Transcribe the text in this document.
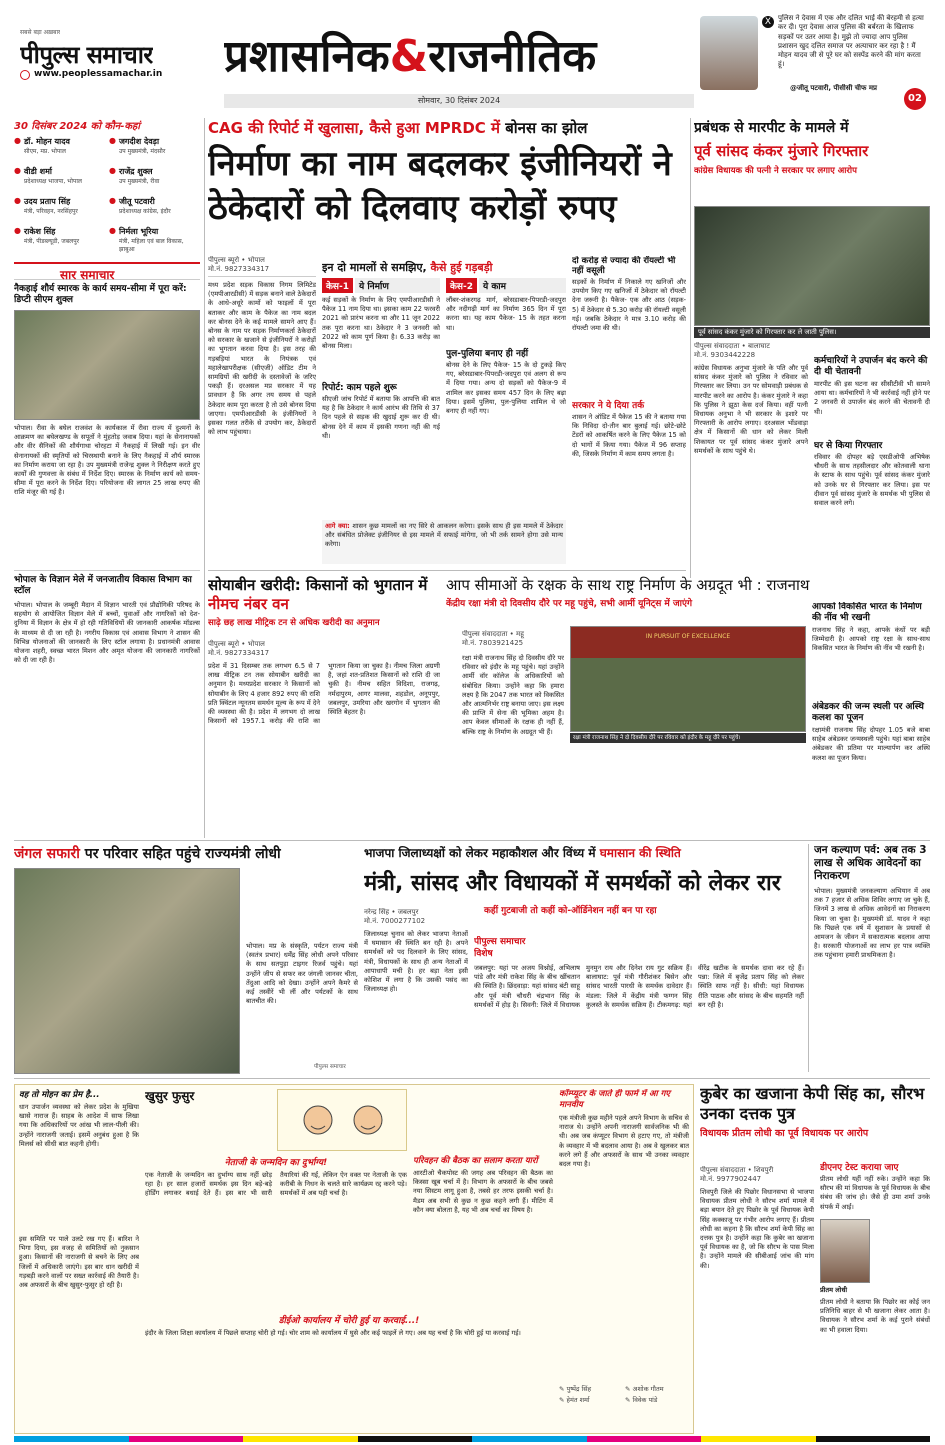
सबसे बड़ा अख़बार
पीपुल्स समाचार
www.peoplessamachar.in प्रशासनिक&राजनीतिक
सोमवार, 30 दिसंबर 2024
X पुलिस ने देवास में एक और दलित भाई की बेरहमी से हत्या कर दी। पूरा देवास आज पुलिस की बर्बरता के खिलाफ सड़कों पर उतर आया है। मुझे तो ज्यादा आप पुलिस प्रशासन खुद दलित समाज पर अत्याचार कर रहा है ! मैं मोहन यादव जी से पूरे घर को सस्पेंड करने की मांग करता हूं।
@जीतू पटवारी, पीसीसी चीफ मप्र
02
30 दिसंबर 2024 को कौन-कहां
● डॉ. मोहन यादव
सीएम, मप्र. भोपाल
● जगदीश देवड़ा
उप मुख्यमंत्री, मंदसौर
● वीडी शर्मा
प्रदेशाध्यक्ष भाजपा, भोपाल
● राजेंद्र शुक्ल
उप मुख्यमंत्री, रीवा
● उदय प्रताप सिंह
मंत्री, परिवहन, नरसिंहपुर
● जीतू पटवारी
प्रदेशाध्यक्ष कांग्रेस, इंदौर
● राकेश सिंह
मंत्री, पीडब्ल्यूडी, जबलपुर
● निर्मला भूरिया
मंत्री, महिला एवं बाल विकास, झाबुआ
सार समाचार
नैकहाई शौर्य स्मारक के कार्य समय-सीमा में पूरा करें: डिप्टी सीएम शुक्ल
भोपाल। रीवा के बघेल राजवंश के कार्यकाल में रीवा राज्य में दुश्मनों के आक्रमण का बघेलखण्ड के सपूतों ने मुंहतोड़ जवाब दिया। यहां के सेनानायकों और वीर सैनिकों की शौर्यगाथा चोरहटा में नैकहाई में लिखी गई। इन वीर सेनानायकों की स्मृतियों को चिरस्थायी बनाने के लिए नैकहाई में शौर्य स्मारक का निर्माण कराया जा रहा है। उप मुख्यमंत्री राजेन्द्र शुक्ल ने निरीक्षण करते हुए कार्यों की गुणवत्ता के संबंध में निर्देश दिए। स्मारक के निर्माण कार्य को समय-सीमा में पूरा करने के निर्देश दिए। परियोजना की लागत 25 लाख रुपए की राशि मंजूर की गई है।
भोपाल के विज्ञान मेले में जनजातीय विकास विभाग का स्टॉल
भोपाल। भोपाल के जम्बूरी मैदान में विज्ञान भारती एवं प्रौद्योगिकी परिषद के सहयोग से आयोजित विज्ञान मेले में बच्चों, युवाओं और नागरिकों को देश-दुनिया में विज्ञान के क्षेत्र में हो रही गतिविधियों की जानकारी आकर्षक मॉडल्स के माध्यम से दी जा रही है। नगरीय विकास एवं आवास विभाग ने शासन की विभिन्न योजनाओं की जानकारी के लिए स्टॉल लगाया है। प्रधानमंत्री आवास योजना शहरी, स्वच्छ भारत मिशन और अमृत योजना की जानकारी नागरिकों को दी जा रही है।
CAG की रिपोर्ट में खुलासा, कैसे हुआ MPRDC में बोनस का झोल
निर्माण का नाम बदलकर इंजीनियरों ने ठेकेदारों को दिलवाए करोड़ों रुपए
पीपुल्स ब्यूरो • भोपाल
मो.नं. 9827334317
मध्य प्रदेश सड़क विकास निगम लिमिटेड (एमपीआरडीसी) में सड़क बनाने वाले ठेकेदारों के आधे-अधूरे कामों को फाइलों में पूरा बताकर और काम के पैकेज का नाम बदल कर बोनस देने के कई मामले सामने आए हैं। बोनस के नाम पर सड़क निर्माणकर्ता ठेकेदारों को सरकार के खजाने से इंजीनियरों ने करोड़ों का भुगतान करवा दिया है। इस तरह की गड़बड़ियां भारत के नियंत्रक एवं महालेखापरीक्षक (सीएजी) ऑडिट टीम ने सामग्रियों की खरीदी के दस्तावेजों के जरिए पकड़ी हैं। दरअसल मप्र सरकार में यह प्रावधान है कि अगर तय समय से पहले ठेकेदार काम पूरा करता है तो उसे बोनस दिया जाएगा। एमपीआरडीसी के इंजीनियरों ने इसका गलत तरीके से उपयोग कर, ठेकेदारों को लाभ पहुंचाया।
इन दो मामलों से समझिए, कैसे हुई गड़बड़ी
केस-1	ये निर्माण
कई सड़कों के निर्माण के लिए एमपीआरडीसी ने पैकेज 11 नाम दिया था। इसका काम 22 फरवरी 2021 को प्रारंभ करना था और 11 जून 2022 तक पूरा करना था। ठेकेदार ने 3 जनवरी को 2022 को काम पूर्ण किया है। 6.33 करोड़ का बोनस मिला।
रिपोर्ट: काम पहले शुरू
सीएजी जांच रिपोर्ट में बताया कि आपत्ति की बात यह है कि ठेकेदार ने कार्य आरंभ की तिथि से 37 दिन पहले से सड़क की खुदाई शुरू कर दी थी। बोनस देने में काम में इसकी गणना नहीं की गई थी।
केस-2	ये काम
लौंबर-शंकरगढ़ मार्ग, बरेसडाबार-पिपरडी-जदपुरा और नदीगढ़ी मार्ग का निर्माण 365 दिन में पूरा करना था। यह काम पैकेज- 15 के तहत करना था।
पुल-पुलिया बनाए ही नहीं
बोनस देने के लिए पैकेज- 15 के दो टुकड़े किए गए, बरेसडाबार-पिपरडी-जदपुरा एवं अलग से रूप में दिया गया। अन्य दो सड़कों को पैकेज-9 में शामिल कर इसका समय 457 दिन के लिए बढ़ा दिया। इसमें पुलिया, पुल-पुलिया शामिल थे जो बनाए ही नहीं गए।
आगे क्या: शासन कुछ मामलों का नए सिरे से आकलन करेगा। इसके साथ ही इस मामले में ठेकेदार और संबंधित प्रोजेक्ट इंजीनियर से इस मामले में सफाई मांगेगा, जो भी तर्क सामने होगा उसे मान्य करेगा।
दो करोड़ से ज्यादा की रॉयल्टी भी नहीं वसूली
सड़कों के निर्माण में निकाले गए खनिजों और उपयोग किए गए खनिजों में ठेकेदार को रॉयल्टी देना जरूरी है। पैकेज- एक और आठ (सड़क- 5) में ठेकेदार से 5.30 करोड़ की रॉयल्टी वसूली गई। जबकि ठेकेदार ने मात्र 3.10 करोड़ की रॉयल्टी जमा की थी।
सरकार ने ये दिया तर्क
शासन ने ऑडिट में पैकेज 15 की ने बताया गया कि निविदा दो-तीन बार बुलाई गई। छोटे-छोटे टेंडरों को आकर्षित करने के लिए पैकेज 15 को दो भागों में किया गया। पैकेज में 96 सप्ताह की, जिसके निर्माण में काम समय लगता है।
प्रबंधक से मारपीट के मामले में
पूर्व सांसद कंकर मुंजारे गिरफ्तार
कांग्रेस विधायक की पत्नी ने सरकार पर लगाए आरोप
पूर्व सांसद कंकर मुंजारे को गिरफ्तार कर ले जाती पुलिस।
पीपुल्स संवाददाता • बालाघाट
मो.नं. 9303442228
कांग्रेस विधायक अनुभा मुंजारे के पति और पूर्व सांसद कंकर मुंजारे को पुलिस ने रविवार को गिरफ्तार कर लिया। उन पर सोमवाड़ी प्रबंधक से मारपीट करने का आरोप है। कंकर मुंजारे ने कहा कि पुलिस ने झूठा केस दर्ज किया। वहीं पत्नी विधायक अनुभा ने भी सरकार के इशारे पर गिरफ्तारी के आरोप लगाए। दरअसल भोंडवाड़ा क्षेत्र में किसानों की धान को लेकर मिली शिकायत पर पूर्व सांसद कंकर मुंजारे अपने समर्थकों के साथ पहुंचे थे।
कर्मचारियों ने उपार्जन बंद करने की दी थी चेतावनी
मारपीट की इस घटना का सीसीटीवी भी सामने आया था। कर्मचारियों ने भी कार्रवाई नहीं होने पर 2 जनवरी से उपार्जन बंद करने की चेतावनी दी थी।
घर से किया गिरफ्तार
रविवार की दोपहर बड़े एसडीओपी अभिषेक चौधरी के साथ तहसीलदार और कोतवाली थाना के स्टाफ के साथ पहुंचे। पूर्व सांसद कंकर मुंजारे को उनके घर से गिरफ्तार कर लिया। इस पर दीवान पूर्व सांसद मुंजारे के समर्थक भी पुलिस से सवाल करने लगे।
सोयाबीन खरीदी: किसानों को भुगतान में नीमच नंबर वन
साढ़े छह लाख मीट्रिक टन से अधिक खरीदी का अनुमान
पीपुल्स ब्यूरो • भोपाल
मो.नं. 9827334317
प्रदेश में 31 दिसम्बर तक लगभग 6.5 से 7 लाख मीट्रिक टन तक सोयाबीन खरीदी का अनुमान है। मध्यप्रदेश सरकार ने किसानों को सोयाबीन के लिए 4 हजार 892 रुपए की राशि प्रति क्विंटल न्यूनतम समर्थन मूल्य के रूप में देने की व्यवस्था की है। प्रदेश में लगभग दो लाख किसानों को 1957.1 करोड़ की राशि का भुगतान किया जा चुका है। नीमच जिला अग्रणी है, जहां शत-प्रतिशत किसानों को राशि दी जा चुकी है। नीमच सहित विदिशा, राजगढ़, नर्मदापुरम, आगर मालवा, शहडोल, अनूपपुर, जबलपुर, उमरिया और खरगोन में भुगतान की स्थिति बेहतर है।
आप सीमाओं के रक्षक के साथ राष्ट्र निर्माण के अग्रदूत भी : राजनाथ
केंद्रीय रक्षा मंत्री दो दिवसीय दौरे पर महू पहुंचे, सभी आर्मी यूनिट्स में जाएंगे
पीपुल्स संवाददाता • महू
मो.नं. 7803921425
IN PURSUIT OF EXCELLENCE
रक्षा मंत्री राजनाथ सिंह ने दो दिवसीय दौरे पर रविवार को इंदौर के महू दौरे पर पहुंचे।
रक्षा मंत्री राजनाथ सिंह दो दिवसीय दौरे पर रविवार को इंदौर के महू पहुंचे। यहां उन्होंने आर्मी वॉर कॉलेज के अधिकारियों को संबोधित किया। उन्होंने कहा कि हमारा लक्ष्य है कि 2047 तक भारत को विकसित और आत्मनिर्भर राष्ट्र बनाया जाए। इस लक्ष्य की प्राप्ति में सेना की भूमिका अहम है। आप केवल सीमाओं के रक्षक ही नहीं हैं, बल्कि राष्ट्र के निर्माण के अग्रदूत भी हैं।
आपको विकसित भारत के निर्माण की नींव भी रखनी
राजनाथ सिंह ने कहा, आपके कंधों पर बड़ी जिम्मेदारी है। आपको राष्ट्र रक्षा के साथ-साथ विकसित भारत के निर्माण की नींव भी रखनी है।
अंबेडकर की जन्म स्थली पर अस्थि कलश का पूजन
रक्षामंत्री राजनाथ सिंह दोपहर 1.05 बजे बाबा साहेब अंबेडकर जन्मस्थली पहुंचे। यहां बाबा साहेब अंबेडकर की प्रतिमा पर माल्यार्पण कर अस्थि कलश का पूजन किया।
जंगल सफारी पर परिवार सहित पहुंचे राज्यमंत्री लोधी
भोपाल। मप्र के संस्कृति, पर्यटन राज्य मंत्री (स्वतंत्र प्रभार) धर्मेंद्र सिंह लोधी अपने परिवार के साथ सतपुड़ा टाइगर रिजर्व पहुंचे। यहां उन्होंने जीप से सफर कर जंगली जानवर चीता, तेंदुआ आदि को देखा। उन्होंने अपने कैमरे से कई तस्वीरें भी लीं और पर्यटकों के साथ बातचीत की।
पीपुल्स समाचार
भाजपा जिलाध्यक्षों को लेकर महाकौशल और विंध्य में घमासान की स्थिति
मंत्री, सांसद और विधायकों में समर्थकों को लेकर रार
कहीं गुटबाजी तो कहीं को-ऑर्डिनेशन नहीं बन पा रहा
नरेन्द्र सिंह • जबलपुर
मो.नं. 7000277102
जिलाध्यक्ष चुनाव को लेकर भाजपा नेताओं में घमासान की स्थिति बन रही है। अपने समर्थकों को पद दिलवाने के लिए सांसद, मंत्री, विधायकों के साथ ही अन्य नेताओं में आपाधापी मची है। हर बड़ा नेता इसी कोशिश में लगा है कि उसकी पसंद का जिलाध्यक्ष हो।
पीपुल्स समाचार विशेष
जबलपुर: यहां पर अजय विश्नोई, अभिलाष पांडे और मंत्री राकेश सिंह के बीच खींचतान की स्थिति है। छिंदवाड़ा: यहां सांसद बंटी साहू और पूर्व मंत्री चौधरी चंद्रभान सिंह के समर्थकों में होड़ है। सिवनी: जिले में विधायक मुनमुन राय और दिनेश राय गुट सक्रिय हैं। बालाघाट: पूर्व मंत्री गौरीशंकर बिसेन और सांसद भारती पारधी के समर्थक दावेदार हैं। मंडला: जिले में केंद्रीय मंत्री फग्गन सिंह कुलस्ते के समर्थक सक्रिय हैं। टीकमगढ़: यहां वीरेंद्र खटीक के समर्थक दावा कर रहे हैं। पन्ना: जिले में बृजेंद्र प्रताप सिंह को लेकर स्थिति साफ नहीं है। सीधी: यहां विधायक रीति पाठक और सांसद के बीच सहमति नहीं बन रही है।
जन कल्याण पर्व: अब तक 3 लाख से अधिक आवेदनों का निराकरण
भोपाल। मुख्यमंत्री जनकल्याण अभियान में अब तक 7 हजार से अधिक शिविर लगाए जा चुके हैं, जिनमें 3 लाख से अधिक आवेदनों का निराकरण किया जा चुका है। मुख्यमंत्री डॉ. यादव ने कहा कि पिछले एक वर्ष में सुशासन के प्रयासों से आमजन के जीवन में सकारात्मक बदलाव आया है। सरकारी योजनाओं का लाभ हर पात्र व्यक्ति तक पहुंचाना हमारी प्राथमिकता है।
वह तो मोहन का प्रेम है...
धान उपार्जन व्यवस्था को लेकर प्रदेश के मुखिया खासे नाराज हैं। साहब के आदेश में साफ लिखा गया कि अधिकारियों पर आंख भी लाल-पीली की। उन्होंने नाराजगी जताई। इसमें अनुबंध हुआ है कि मिलर्स को सीधी बात कहनी होगी।
इस समिति पर पाले उलटे रख गए हैं। बारिश ने भिगा दिया, इस वजह से समितियों को नुकसान हुआ। किसानों की नाराजगी से बचने के लिए अब जिलों में अधिकारी जाएंगे। इस बार धान खरीदी में गड़बड़ी करने वालों पर सख्त कार्रवाई की तैयारी है। अब अफसरों के बीच खुसुर-फुसुर हो रही है।
खुसुर फुसुर
नेताजी के जन्मदिन का दुर्भाग्य!
एक नेताजी के जन्मदिन का दुर्भाग्य साथ नहीं छोड़ रहा है। हर साल हजारों समर्थक इस दिन बड़े-बड़े होर्डिंग लगाकर बधाई देते हैं। इस बार भी सारी तैयारियां की गईं, लेकिन ऐन वक्त पर नेताजी के एक करीबी के निधन के चलते सारे कार्यक्रम रद्द करने पड़े। समर्थकों में अब यही चर्चा है।
परिवहन की बैठक का सलाम करता यारों
आरटीओ चैकपोस्ट की जगह अब परिवहन की बैठक का किस्सा खूब चर्चा में है। विभाग के अफसरों के बीच जबसे नया सिस्टम लागू हुआ है, तबसे हर तरफ इसकी चर्चा है। मैडम अब सभी से कुछ न कुछ कहने लगी हैं। मीटिंग में कौन क्या बोलता है, यह भी अब चर्चा का विषय है।
डीईओ कार्यालय में चोरी हुई या करवाई...!
इंदौर के जिला शिक्षा कार्यालय में पिछले सप्ताह चोरी हो गई। चोर शाम को कार्यालय में घुसे और कई फाइलें ले गए। अब यह चर्चा है कि चोरी हुई या करवाई गई।
कॉम्प्यूटर के जाते ही फार्म में आ गए मानवीय
एक मंत्रीजी कुछ महीने पहले अपने विभाग के सचिव से नाराज थे। उन्होंने अपनी नाराजगी सार्वजनिक भी की थी। अब जब कंप्यूटर विभाग से हटाए गए, तो मंत्रीजी के व्यवहार में भी बदलाव आया है। अब वे खुलकर बात करने लगे हैं और अफसरों के साथ भी उनका व्यवहार बदल गया है।
✎ पुष्पेंद्र सिंह	✎ अशोक गौतम
✎ हेमंत शर्मा	✎ विवेक पांडे
कुबेर का खजाना केपी सिंह का, सौरभ उनका दत्तक पुत्र
विधायक प्रीतम लोधी का पूर्व विधायक पर आरोप
पीपुल्स संवाददाता • शिवपुरी
मो.नं. 9977902447
शिवपुरी जिले की पिछोर विधानसभा से भाजपा विधायक प्रीतम लोधी ने सौरभ शर्मा मामले में बड़ा बयान देते हुए पिछोर के पूर्व विधायक केपी सिंह कक्काजू पर गंभीर आरोप लगाए हैं। प्रीतम लोधी का कहना है कि सौरभ शर्मा केपी सिंह का दत्तक पुत्र है। उन्होंने कहा कि कुबेर का खजाना पूर्व विधायक का है, जो कि सौरभ के पास मिला है। उन्होंने मामले की सीबीआई जांच की मांग की।
डीएनए टेस्ट कराया जाए
प्रीतम लोधी यहीं नहीं रुके। उन्होंने कहा कि सौरभ की मां विधायक के पूर्व विधायक के बीच संबंध की जांच हो। जैसे ही उमा शर्मा उनके संपर्क में आईं।
प्रीतम लोधी
प्रीतम लोधी ने बताया कि पिछोर का कोई जन प्रतिनिधि बाहर से भी खजाना लेकर आता है। विधायक ने सौरभ शर्मा के कई पुराने संबंधों का भी हवाला दिया।
